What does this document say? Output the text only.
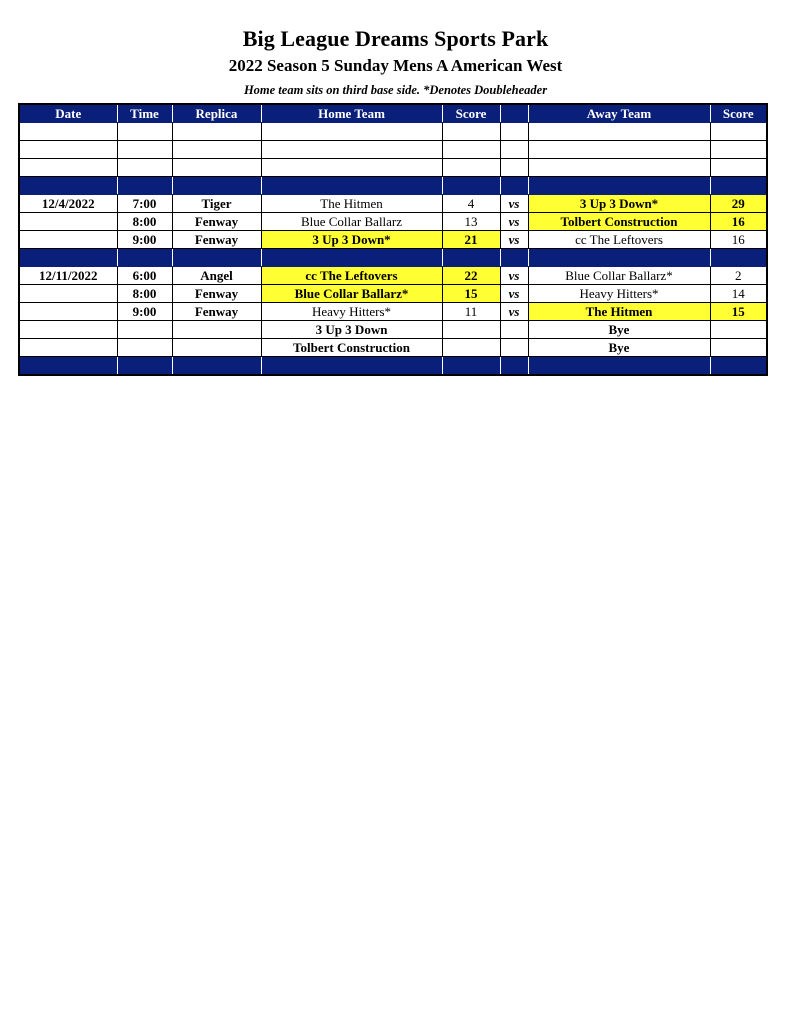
Big League Dreams Sports Park
2022 Season 5 Sunday Mens A American West
Home team sits on third base side. *Denotes Doubleheader
Date	Time	Replica	Home Team	Score		Away Team	Score

12/4/2022	7:00	Tiger	The Hitmen	4	vs	3 Up 3 Down*	29
	8:00	Fenway	Blue Collar Ballarz	13	vs	Tolbert Construction	16
	9:00	Fenway	3 Up 3 Down*	21	vs	cc The Leftovers	16

12/11/2022	6:00	Angel	cc The Leftovers	22	vs	Blue Collar Ballarz*	2
	8:00	Fenway	Blue Collar Ballarz*	15	vs	Heavy Hitters*	14
	9:00	Fenway	Heavy Hitters*	11	vs	The Hitmen	15
			3 Up 3 Down			Bye	
			Tolbert Construction			Bye	
